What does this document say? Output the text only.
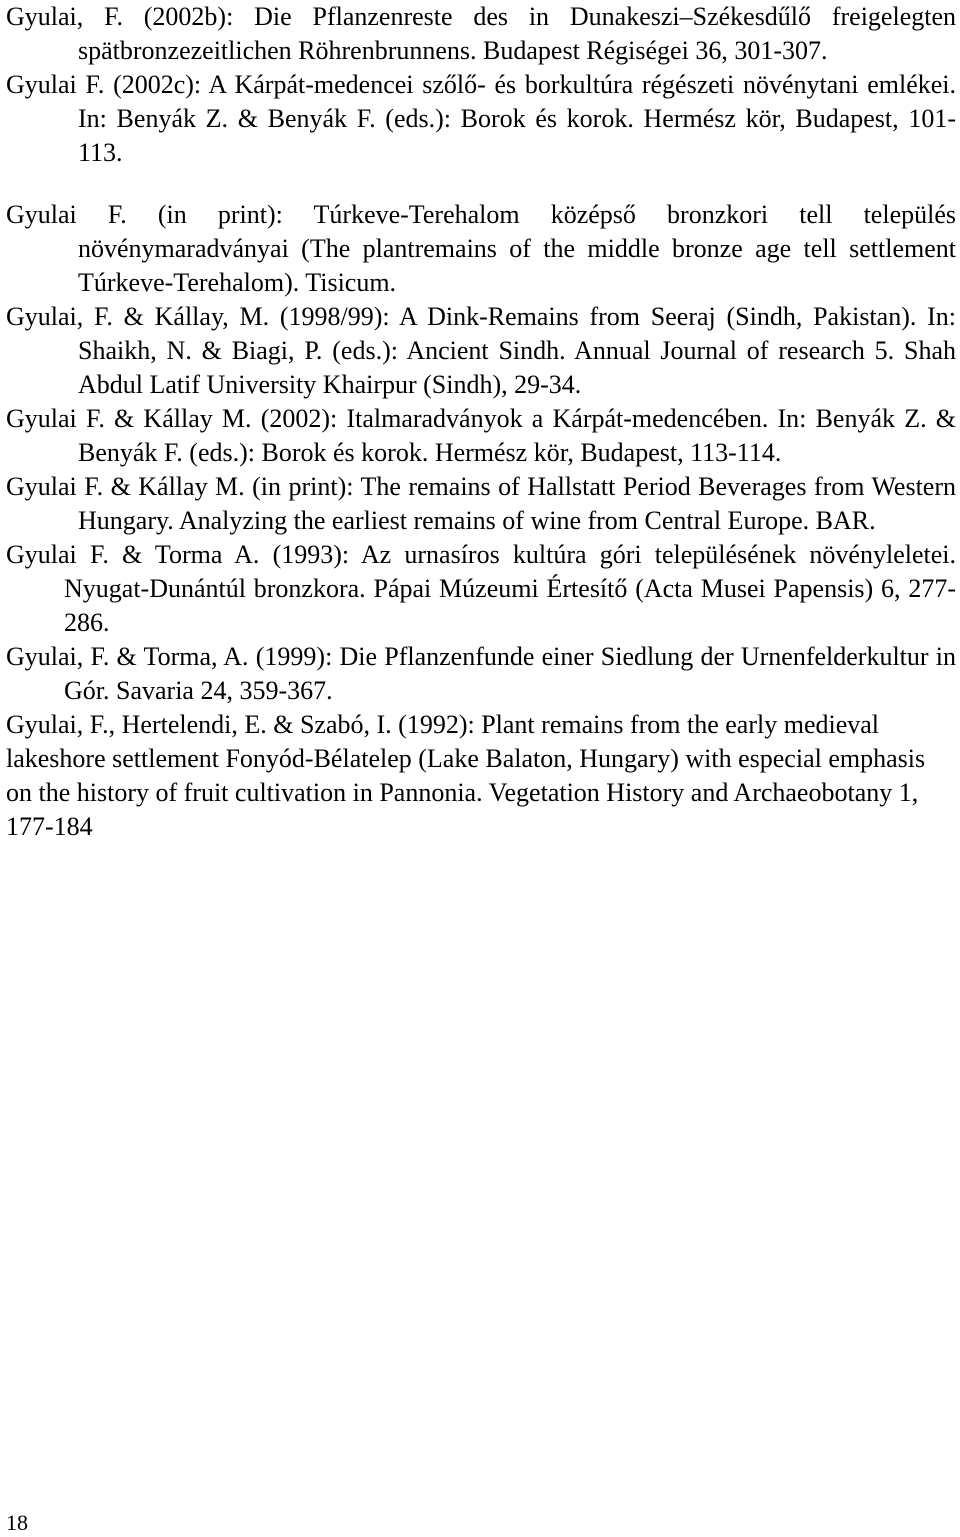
Gyulai, F. (2002b): Die Pflanzenreste des in Dunakeszi–Székesdűlő freigelegten spätbronzezeitlichen Röhrenbrunnens. Budapest Régiségei 36, 301-307.

Gyulai F. (2002c): A Kárpát-medencei szőlő- és borkultúra régészeti növénytani emlékei. In: Benyák Z. & Benyák F. (eds.): Borok és korok. Hermész kör, Budapest, 101-113.

Gyulai F. (in print): Túrkeve-Terehalom középső bronzkori tell település növénymaradványai (The plantremains of the middle bronze age tell settlement Túrkeve-Terehalom). Tisicum.

Gyulai, F. & Kállay, M. (1998/99): A Dink-Remains from Seeraj (Sindh, Pakistan). In: Shaikh, N. & Biagi, P. (eds.): Ancient Sindh. Annual Journal of research 5. Shah Abdul Latif University Khairpur (Sindh), 29-34.

Gyulai F. & Kállay M. (2002): Italmaradványok a Kárpát-medencében. In: Benyák Z. & Benyák F. (eds.): Borok és korok. Hermész kör, Budapest, 113-114.

Gyulai F. & Kállay M. (in print): The remains of Hallstatt Period Beverages from Western Hungary. Analyzing the earliest remains of wine from Central Europe. BAR.

Gyulai F. & Torma A. (1993): Az urnasíros kultúra góri településének növényleletei. Nyugat-Dunántúl bronzkora. Pápai Múzeumi Értesítő (Acta Musei Papensis) 6, 277-286.

Gyulai, F. & Torma, A. (1999): Die Pflanzenfunde einer Siedlung der Urnenfelderkultur in Gór. Savaria 24, 359-367.

Gyulai, F., Hertelendi, E. & Szabó, I. (1992): Plant remains from the early medieval lakeshore settlement Fonyód-Bélatelep (Lake Balaton, Hungary) with especial emphasis on the history of fruit cultivation in Pannonia. Vegetation History and Archaeobotany 1, 177-184

18
